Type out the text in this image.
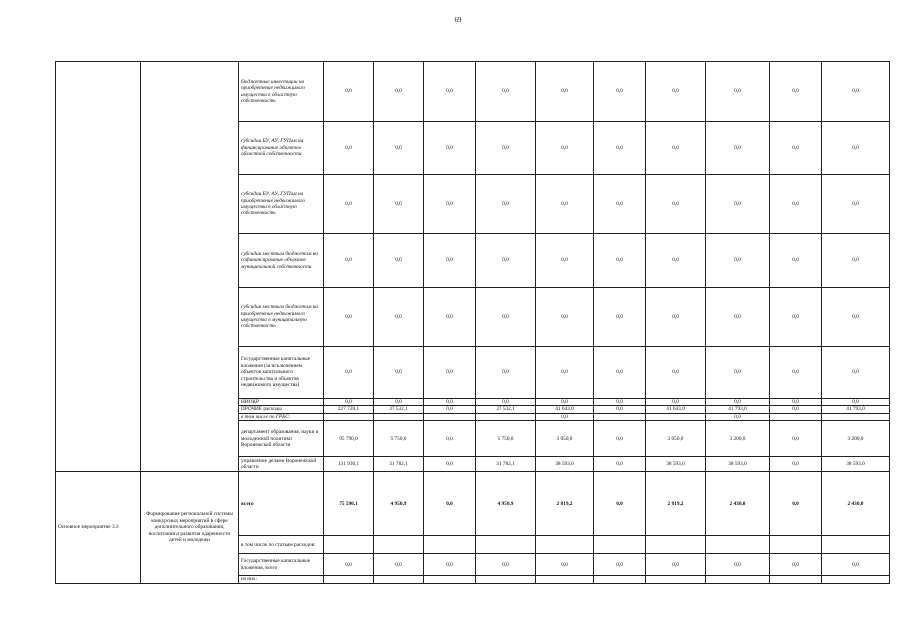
69
		бюджетные инвестиции на приобретение недвижимого имущества в областную собственность	0,0	0,0	0,0	0,0	0,0	0,0	0,0	0,0	0,0	0,0
		субсидии БУ, АУ, ГУПам на финансирование объектов областной собственности	0,0	0,0	0,0	0,0	0,0	0,0	0,0	0,0	0,0	0,0
		субсидии БУ, АУ, ГУПам на приобретение недвижимого имущества в областную собственность	0,0	0,0	0,0	0,0	0,0	0,0	0,0	0,0	0,0	0,0
		субсидии местным бюджетам на софинансирование объектов муниципальной собственности	0,0	0,0	0,0	0,0	0,0	0,0	0,0	0,0	0,0	0,0
		субсидии местным бюджетам на приобретение недвижимого имущества в муниципальную собственность	0,0	0,0	0,0	0,0	0,0	0,0	0,0	0,0	0,0	0,0
		Государственные капитальные вложения (за исключением объектов капитального строительства и объектов недвижимого имущества)	0,0	0,0	0,0	0,0	0,0	0,0	0,0	0,0	0,0	0,0
		НИОКР	0,0	0,0	0,0	0,0	0,0	0,0	0,0	0,0	0,0	0,0
		ПРОЧИЕ расходы	227 720,1	37 532,1	0,0	37 532,1	41 643,0	0,0	41 643,0	41 793,0	0,0	41 793,0
		в том числе по ГРБС:					0,0			0,0		
		департамент образования, науки и молодежной политики Воронежской области	95 790,0	5 750,0	0,0	5 750,0	3 050,0	0,0	3 050,0	3 200,0	0,0	3 200,0
		управление делами Воронежской области	131 930,1	31 782,1	0,0	31 782,1	38 593,0	0,0	38 593,0	38 593,0	0,0	38 593,0
Основное мероприятие 3.3	Формирование региональной системы конкурсных мероприятий в сфере дополнительного образования, воспитания и развития одаренности детей и молодежи	всего	75 590,1	4 950,9	0,0	4 950,9	2 819,2	0,0	2 819,2	2 430,0	0,0	2 430,0
		в том числе по статьям расходов:										
		Государственные капитальные вложения, всего	0,0	0,0	0,0	0,0	0,0	0,0	0,0	0,0	0,0	0,0
		из них:										
